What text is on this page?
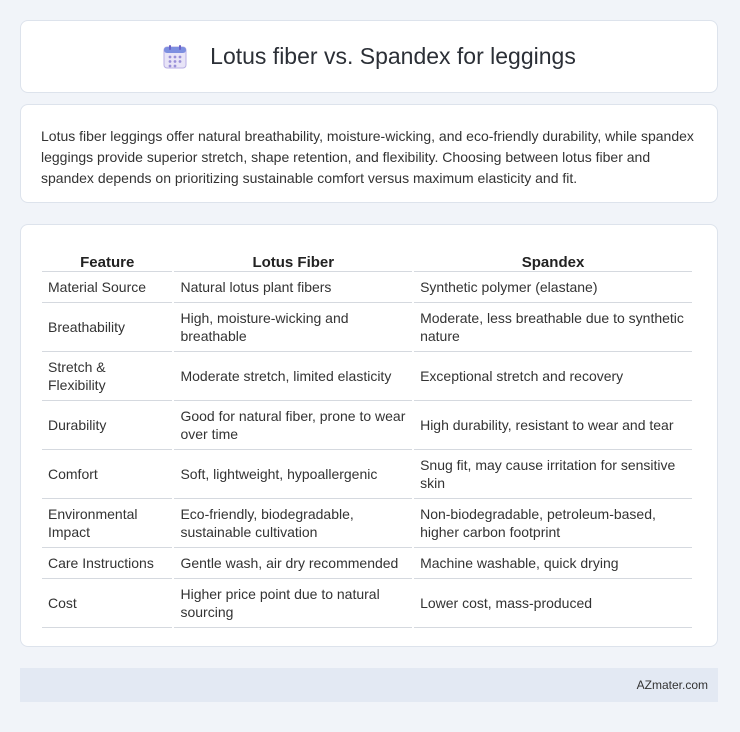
Lotus fiber vs. Spandex for leggings

Lotus fiber leggings offer natural breathability, moisture-wicking, and eco-friendly durability, while spandex leggings provide superior stretch, shape retention, and flexibility. Choosing between lotus fiber and spandex depends on prioritizing sustainable comfort versus maximum elasticity and fit.

Feature	Lotus Fiber	Spandex
Material Source	Natural lotus plant fibers	Synthetic polymer (elastane)
Breathability	High, moisture-wicking and breathable	Moderate, less breathable due to synthetic nature
Stretch & Flexibility	Moderate stretch, limited elasticity	Exceptional stretch and recovery
Durability	Good for natural fiber, prone to wear over time	High durability, resistant to wear and tear
Comfort	Soft, lightweight, hypoallergenic	Snug fit, may cause irritation for sensitive skin
Environmental Impact	Eco-friendly, biodegradable, sustainable cultivation	Non-biodegradable, petroleum-based, higher carbon footprint
Care Instructions	Gentle wash, air dry recommended	Machine washable, quick drying
Cost	Higher price point due to natural sourcing	Lower cost, mass-produced
AZmater.com
